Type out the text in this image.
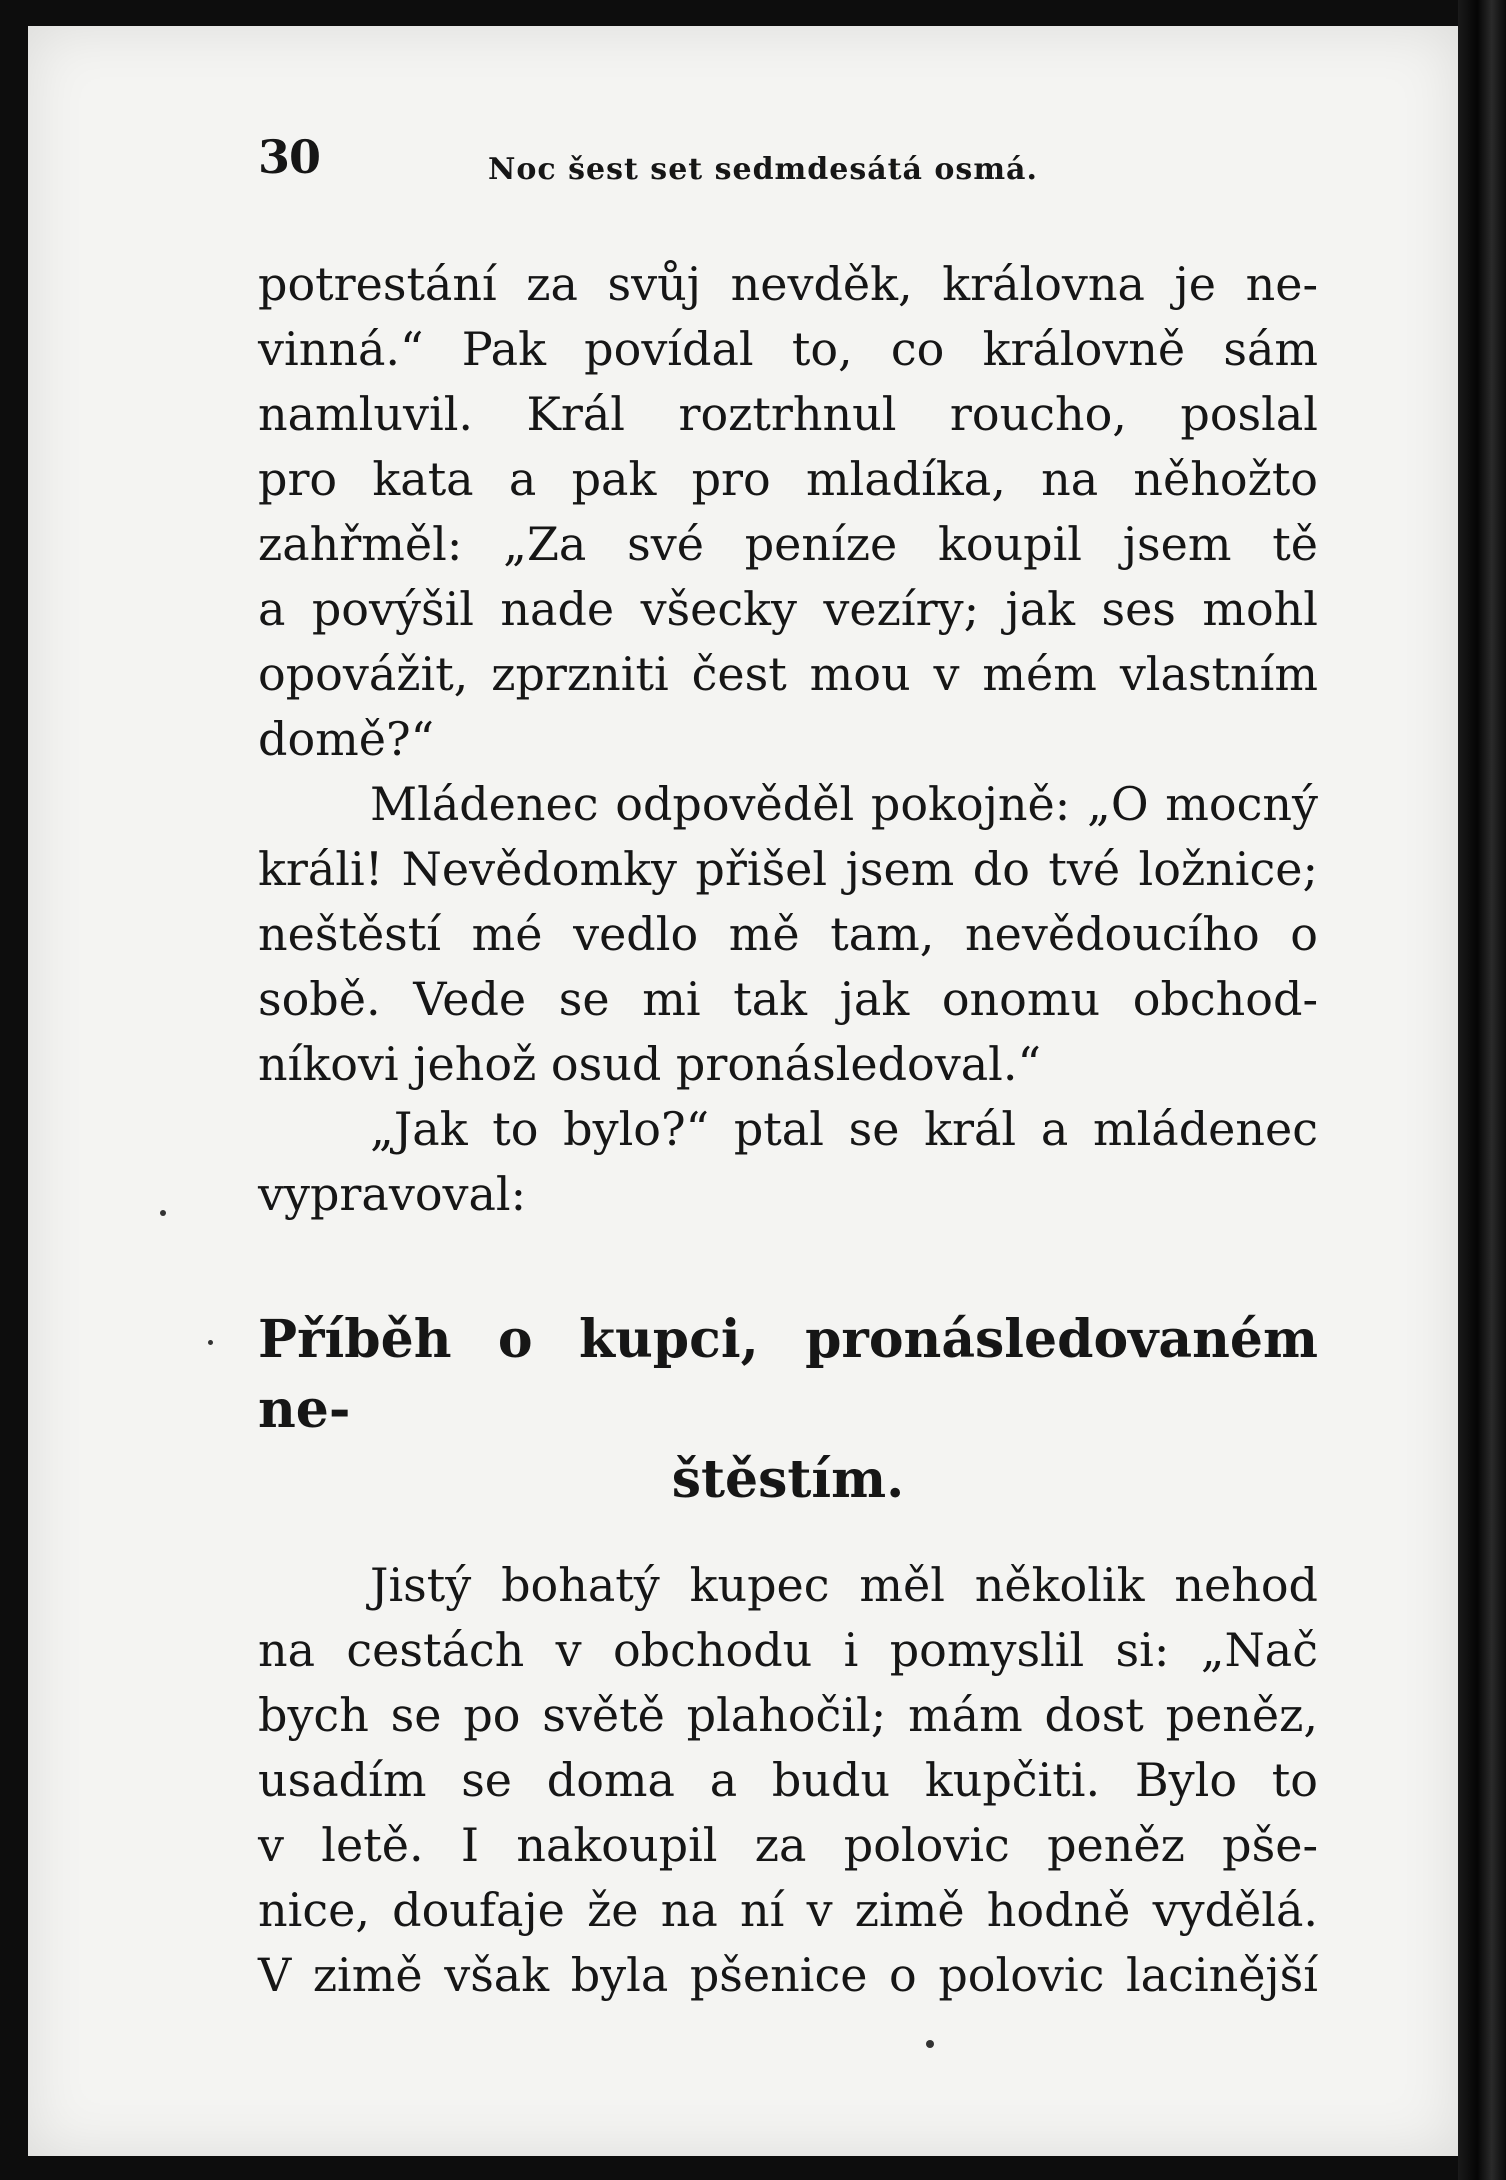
30	Noc šest set sedmdesátá osmá.
potrestání za svůj nevděk, královna je ne-
vinná.“ Pak povídal to, co královně sám
namluvil. Král roztrhnul roucho, poslal
pro kata a pak pro mladíka, na něhožto
zahřměl: „Za své peníze koupil jsem tě
a povýšil nade všecky vezíry; jak ses mohl
opovážit, zprzniti čest mou v mém vlastním
domě?“
Mládenec odpověděl pokojně: „O mocný
králi! Nevědomky přišel jsem do tvé ložnice;
neštěstí mé vedlo mě tam, nevědoucího o
sobě. Vede se mi tak jak onomu obchod-
níkovi jehož osud pronásledoval.“
„Jak to bylo?“ ptal se král a mládenec
vypravoval:
Příběh o kupci, pronásledovaném ne-
štěstím.
Jistý bohatý kupec měl několik nehod
na cestách v obchodu i pomyslil si: „Nač
bych se po světě plahočil; mám dost peněz,
usadím se doma a budu kupčiti. Bylo to
v letě. I nakoupil za polovic peněz pše-
nice, doufaje že na ní v zimě hodně vydělá.
V zimě však byla pšenice o polovic lacinější
